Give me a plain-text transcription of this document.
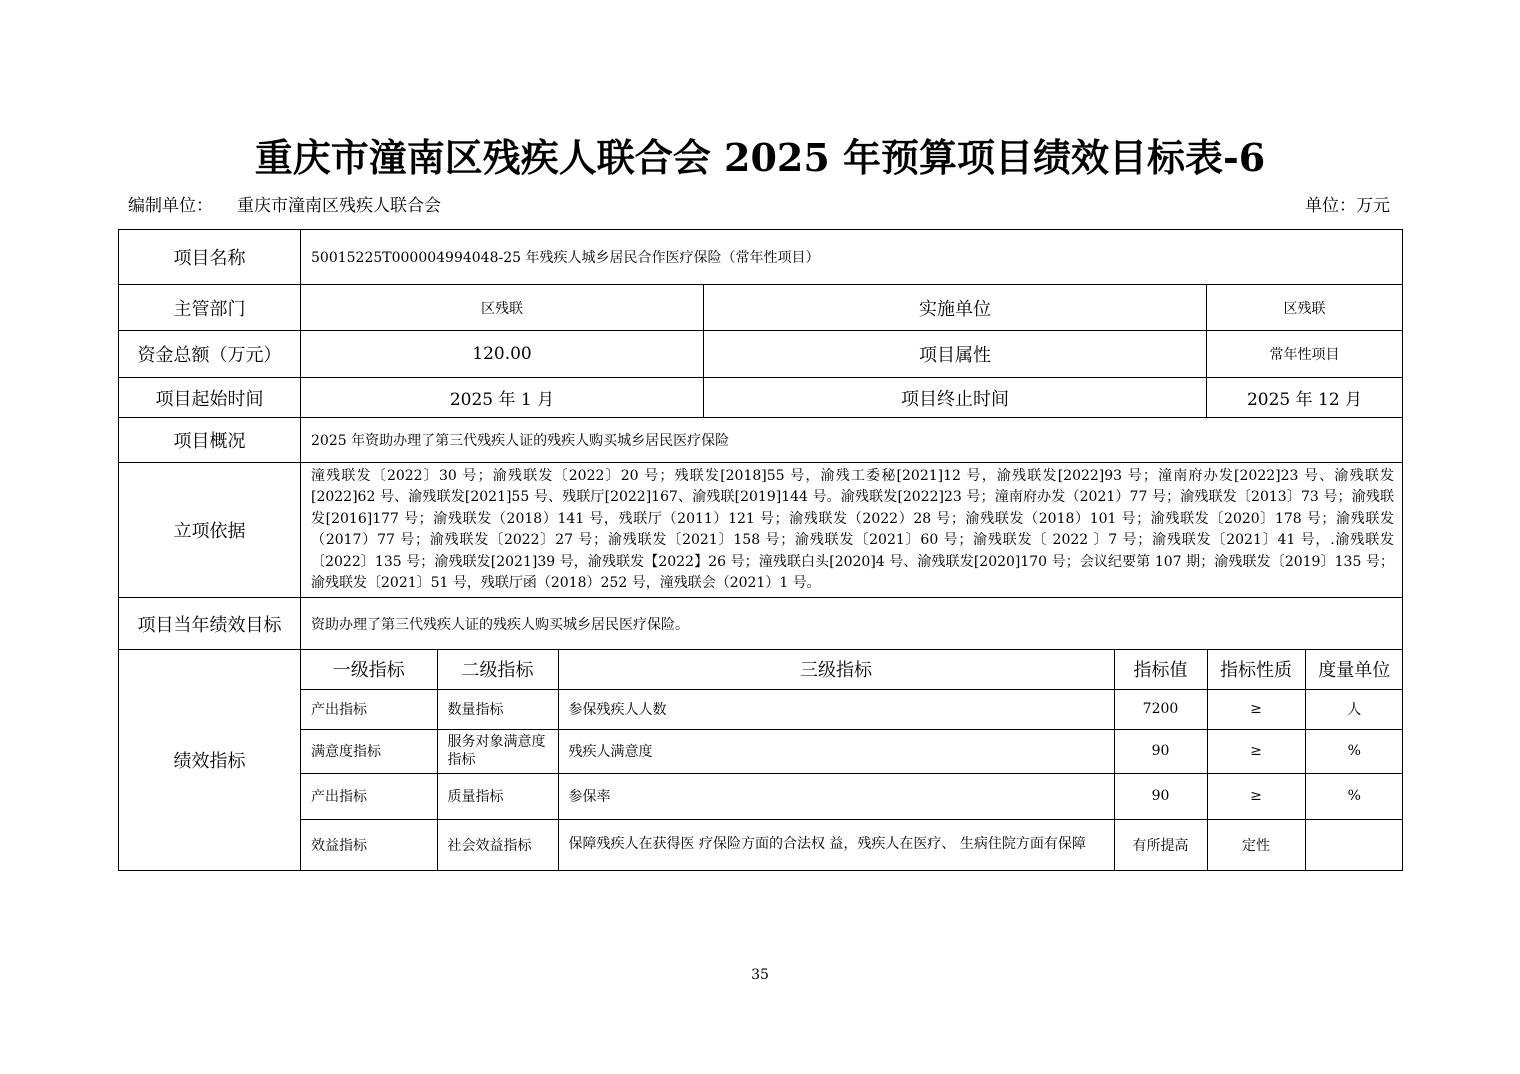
重庆市潼南区残疾人联合会 2025 年预算项目绩效目标表-6
编制单位： 重庆市潼南区残疾人联合会	单位：万元
项目名称	50015225T000004994048-25 年残疾人城乡居民合作医疗保险（常年性项目）
主管部门	区残联	实施单位	区残联
资金总额（万元）	120.00	项目属性	常年性项目
项目起始时间	2025 年 1 月	项目终止时间	2025 年 12 月
项目概况	2025 年资助办理了第三代残疾人证的残疾人购买城乡居民医疗保险
立项依据	潼残联发〔2022〕30 号；渝残联发〔2022〕20 号；残联发[2018]55 号，渝残工委秘[2021]12 号，渝残联发[2022]93 号；潼南府办发[2022]23 号、渝残联发[2022]62 号、渝残联发[2021]55 号、残联厅[2022]167、渝残联[2019]144 号。渝残联发[2022]23 号；潼南府办发（2021）77 号；渝残联发〔2013〕73 号；渝残联发[2016]177 号；渝残联发（2018）141 号，残联厅（2011）121 号；渝残联发（2022）28 号；渝残联发（2018）101 号；渝残联发〔2020〕178 号；渝残联发（2017）77 号；渝残联发〔2022〕27 号；渝残联发〔2021〕158 号；渝残联发〔2021〕60 号；渝残联发〔 2022 〕7 号；渝残联发〔2021〕41 号，.渝残联发〔2022〕135 号；渝残联发[2021]39 号，渝残联发【2022】26 号；潼残联白头[2020]4 号、渝残联发[2020]170 号；会议纪要第 107 期；渝残联发〔2019〕135 号；渝残联发〔2021〕51 号，残联厅函（2018）252 号，潼残联会（2021）1 号。
项目当年绩效目标	资助办理了第三代残疾人证的残疾人购买城乡居民医疗保险。
绩效指标	
一级指标	二级指标	三级指标	指标值	指标性质	度量单位
产出指标	数量指标	参保残疾人人数	7200	≥	人
满意度指标	服务对象满意度指标	残疾人满意度	90	≥	%
产出指标	质量指标	参保率	90	≥	%
效益指标	社会效益指标	保障残疾人在获得医 疗保险方面的合法权 益，残疾人在医疗、 生病住院方面有保障	有所提高	定性	
35
